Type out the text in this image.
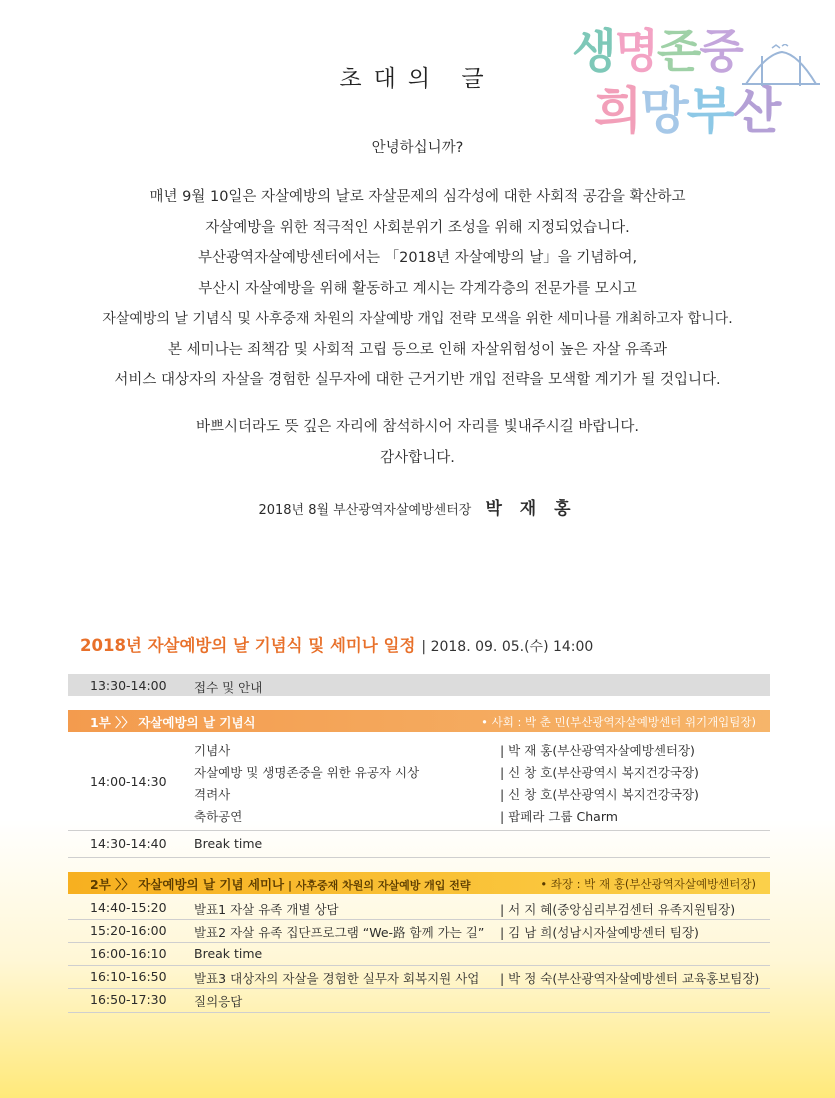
생명존중
희망부산
초대의 글
안녕하십니까?
매년 9월 10일은 자살예방의 날로 자살문제의 심각성에 대한 사회적 공감을 확산하고
자살예방을 위한 적극적인 사회분위기 조성을 위해 지정되었습니다.
부산광역자살예방센터에서는 「2018년 자살예방의 날」을 기념하여,
부산시 자살예방을 위해 활동하고 계시는 각계각층의 전문가를 모시고
자살예방의 날 기념식 및 사후중재 차원의 자살예방 개입 전략 모색을 위한 세미나를 개최하고자 합니다.
본 세미나는 죄책감 및 사회적 고립 등으로 인해 자살위험성이 높은 자살 유족과
서비스 대상자의 자살을 경험한 실무자에 대한 근거기반 개입 전략을 모색할 계기가 될 것입니다.
바쁘시더라도 뜻 깊은 자리에 참석하시어 자리를 빛내주시길 바랍니다.
감사합니다.
2018년 8월 부산광역자살예방센터장 박 재 홍
2018년 자살예방의 날 기념식 및 세미나 일정 | 2018. 09. 05.(수) 14:00
13:30-14:00 접수 및 안내
1부 〉〉 자살예방의 날 기념식	• 사회 : 박 춘 민(부산광역자살예방센터 위기개입팀장)
14:00-14:30
기념사	| 박 재 홍(부산광역자살예방센터장)
자살예방 및 생명존중을 위한 유공자 시상	| 신 창 호(부산광역시 복지건강국장)
격려사	| 신 창 호(부산광역시 복지건강국장)
축하공연	| 팝페라 그룹 Charm
14:30-14:40 Break time
2부 〉〉 자살예방의 날 기념 세미나 | 사후중재 차원의 자살예방 개입 전략	• 좌장 : 박 재 홍(부산광역자살예방센터장)
14:40-15:20 발표1 자살 유족 개별 상담	| 서 지 혜(중앙심리부검센터 유족지원팀장)
15:20-16:00 발표2 자살 유족 집단프로그램 “We-路 함께 가는 길” | 김 남 희(성남시자살예방센터 팀장)
16:00-16:10 Break time
16:10-16:50 발표3 대상자의 자살을 경험한 실무자 회복지원 사업 | 박 정 숙(부산광역자살예방센터 교육홍보팀장)
16:50-17:30 질의응답
